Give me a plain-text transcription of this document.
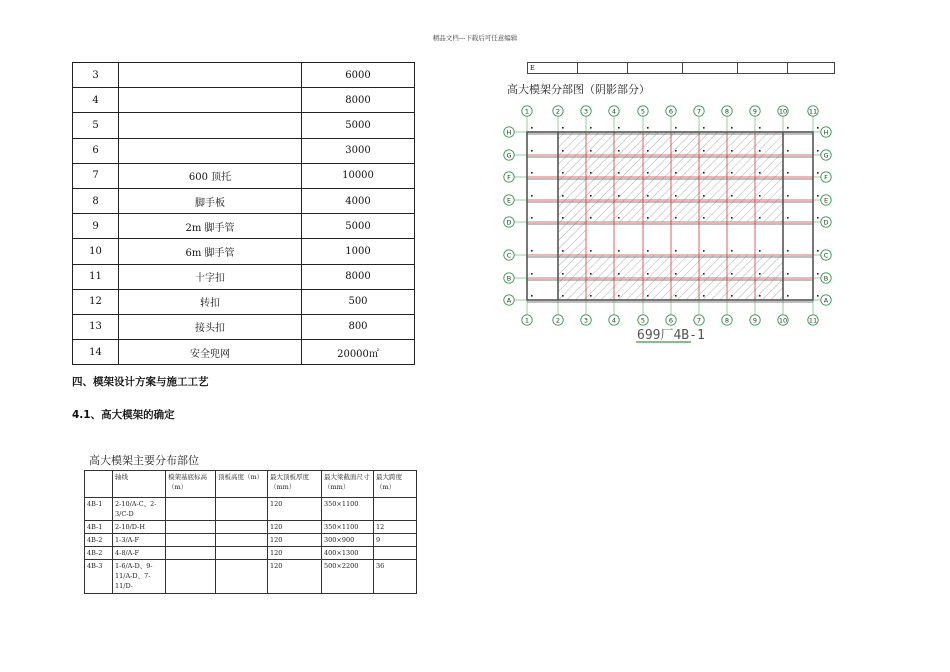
精品文档---下载后可任意编辑
3		6000
4		8000
5		5000
6		3000
7	600 顶托	10000
8	脚手板	4000
9	2m 脚手管	5000
10	6m 脚手管	1000
11	十字扣	8000
12	转扣	500
13	接头扣	800
14	安全兜网	20000㎡
四、模架设计方案与施工工艺
4.1、高大模架的确定
高大模架主要分布部位
	轴线	模架基底标高（m）	顶板高度（m）	最大顶板厚度（mm）	最大梁截面尺寸（mm）	最大跨度（m）
4B-1	2-10/A-C、2-3/C-D			120	350×1100	
4B-1	2-10/D-H			120	350×1100	12
4B-2	1-3/A-F			120	300×900	9
4B-2	4-8/A-F			120	400×1300	
4B-3	1-6/A-D、9-11/A-D、7-11/D-			120	500×2200	36
E					
高大模架分部图（阴影部分）
1
1
2
2
3
3
4
4
5
5
6
6
7
7
8
8
9
9
10
10
11
11
H	H
G	G
F	F
E	E
D	D
C	C
B	B
A	A
699厂4B-1
